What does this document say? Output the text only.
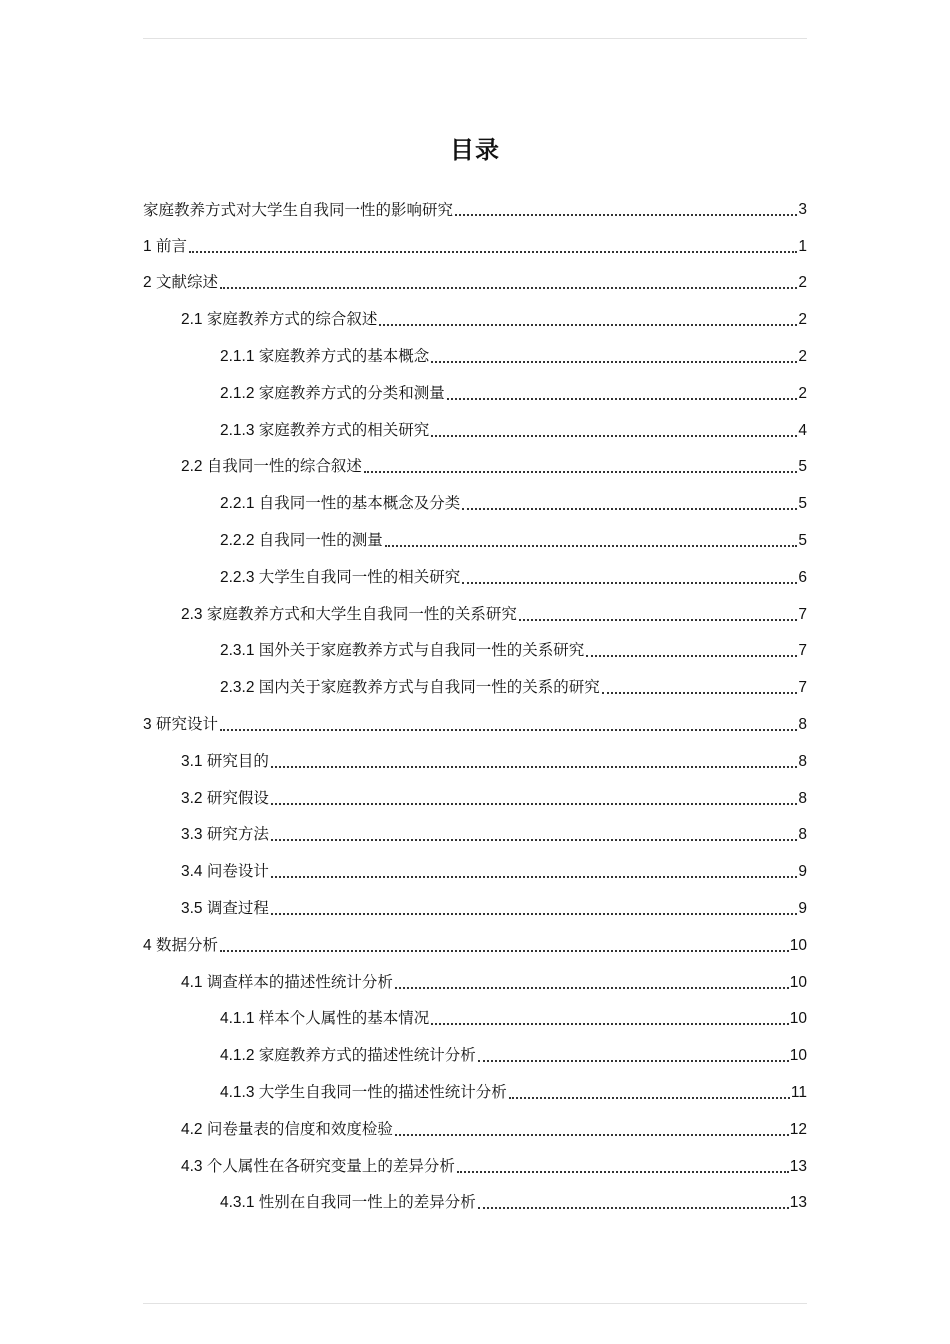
目录
家庭教养方式对大学生自我同一性的影响研究	3
1 前言	1
2 文献综述	2
2.1 家庭教养方式的综合叙述	2
2.1.1 家庭教养方式的基本概念	2
2.1.2 家庭教养方式的分类和测量	2
2.1.3 家庭教养方式的相关研究	4
2.2 自我同一性的综合叙述	5
2.2.1 自我同一性的基本概念及分类	5
2.2.2 自我同一性的测量	5
2.2.3 大学生自我同一性的相关研究	6
2.3 家庭教养方式和大学生自我同一性的关系研究	7
2.3.1 国外关于家庭教养方式与自我同一性的关系研究	7
2.3.2 国内关于家庭教养方式与自我同一性的关系的研究	7
3 研究设计	8
3.1 研究目的	8
3.2 研究假设	8
3.3 研究方法	8
3.4 问卷设计	9
3.5 调查过程	9
4 数据分析	10
4.1 调查样本的描述性统计分析	10
4.1.1 样本个人属性的基本情况	10
4.1.2 家庭教养方式的描述性统计分析	10
4.1.3 大学生自我同一性的描述性统计分析	11
4.2 问卷量表的信度和效度检验	12
4.3 个人属性在各研究变量上的差异分析	13
4.3.1 性别在自我同一性上的差异分析	13
